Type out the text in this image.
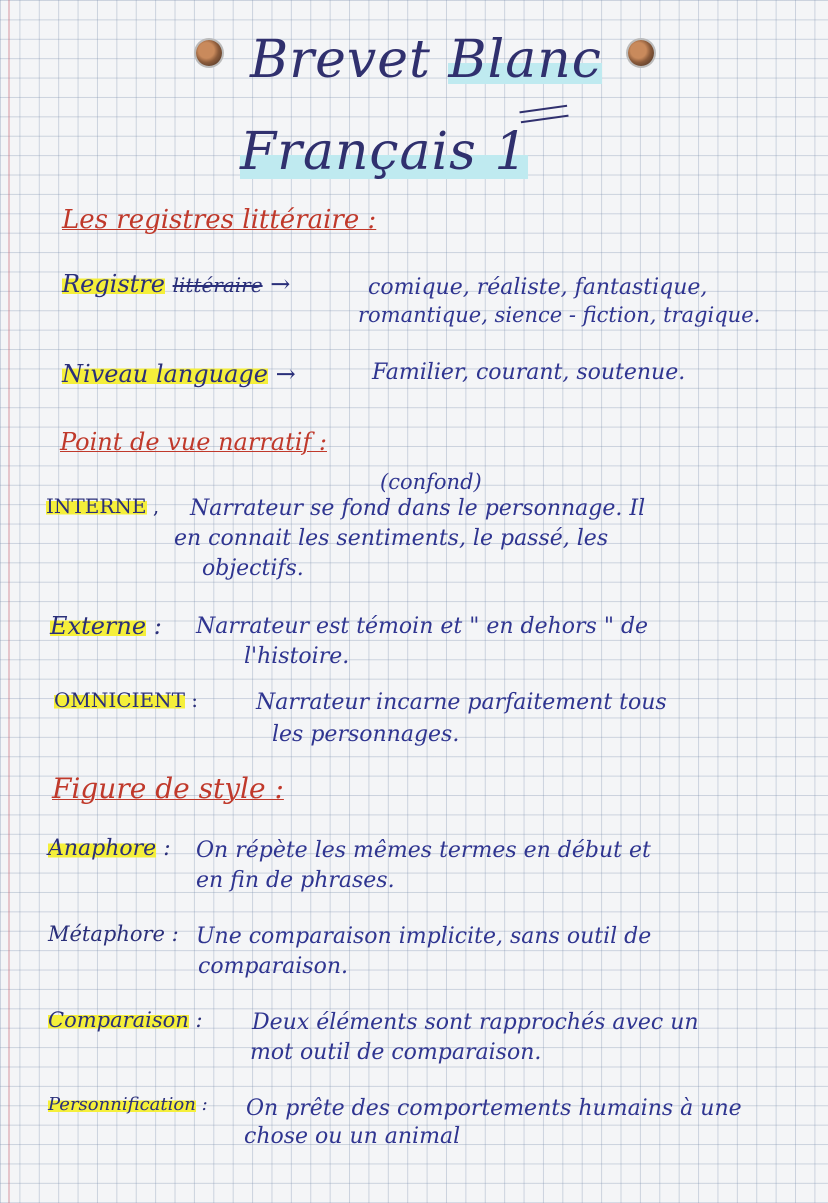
Brevet Blanc
Français 1
Les registres littéraire :
Registre littéraire →	comique, réaliste, fantastique,
romantique, sience - fiction, tragique.
Niveau language →	Familier, courant, soutenue.
Point de vue narratif :
(confond)
INTERNE , Narrateur se fond dans le personnage. Il
en connait les sentiments, le passé, les
objectifs.
Externe : Narrateur est témoin et " en dehors " de
l'histoire.
OMNICIENT :	Narrateur incarne parfaitement tous
les personnages.
Figure de style :
Anaphore : On répète les mêmes termes en début et
en fin de phrases.
Métaphore : Une comparaison implicite, sans outil de
comparaison.
Comparaison : Deux éléments sont rapprochés avec un
mot outil de comparaison.
Personnification : On prête des comportements humains à une
chose ou un animal
